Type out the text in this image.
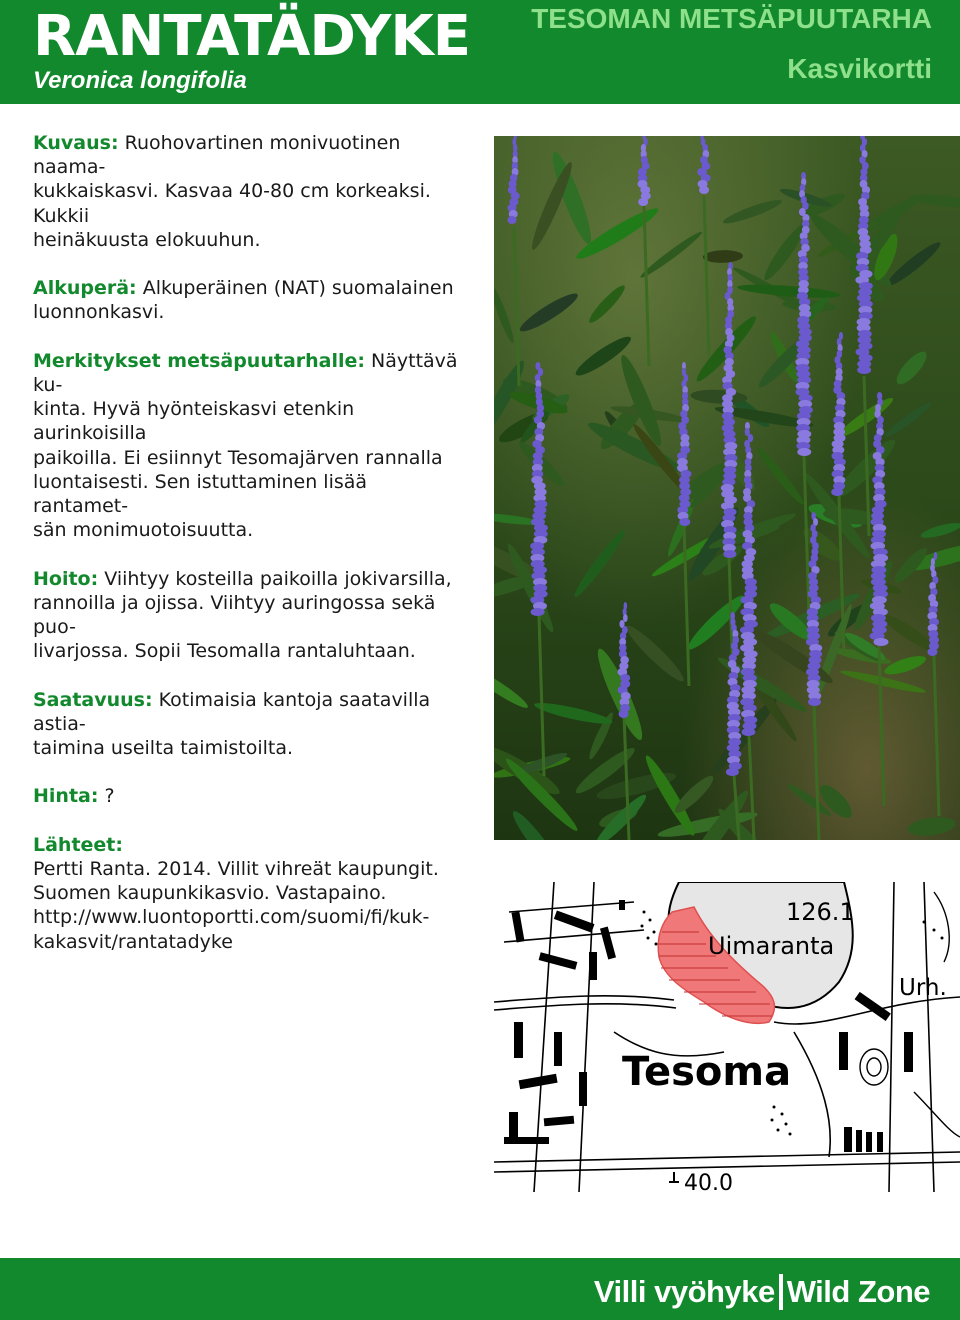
RANTATÄDYKE
Veronica longifolia
TESOMAN METSÄPUUTARHA
Kasvikortti

Kuvaus: Ruohovartinen monivuotinen naama-
kukkaiskasvi. Kasvaa 40-80 cm korkeaksi. Kukkii
heinäkuusta elokuuhun.

Alkuperä: Alkuperäinen (NAT) suomalainen
luonnonkasvi.

Merkitykset metsäpuutarhalle: Näyttävä ku-
kinta. Hyvä hyönteiskasvi etenkin aurinkoisilla
paikoilla. Ei esiinnyt Tesomajärven rannalla
luontaisesti. Sen istuttaminen lisää rantamet-
sän monimuotoisuutta.

Hoito: Viihtyy kosteilla paikoilla jokivarsilla,
rannoilla ja ojissa. Viihtyy auringossa sekä puo-
livarjossa. Sopii Tesomalla rantaluhtaan.

Saatavuus: Kotimaisia kantoja saatavilla astia-
taimina useilta taimistoilta.

Hinta: ?

Lähteet:
Pertti Ranta. 2014. Villit vihreät kaupungit.
Suomen kaupunkikasvio. Vastapaino.
http://www.luontoportti.com/suomi/fi/kuk-
kakasvit/rantatadyke

126.1
Uimaranta
Urh.
Tesoma
40.0
Villi vyöhyke Wild Zone
